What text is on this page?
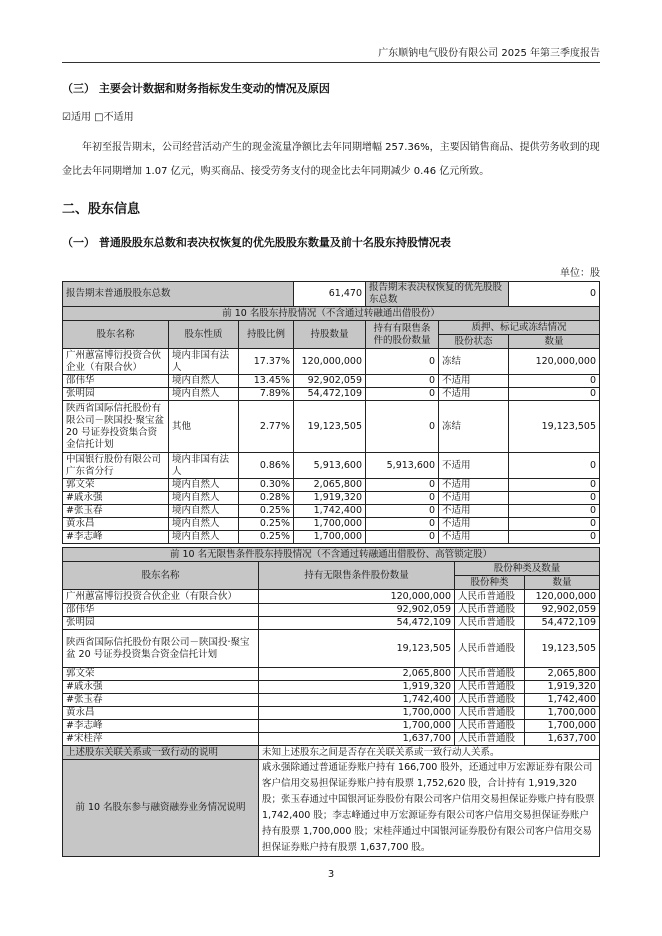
广东顺钠电气股份有限公司 2025 年第三季度报告
（三） 主要会计数据和财务指标发生变动的情况及原因
☑适用 □不适用
年初至报告期末，公司经营活动产生的现金流量净额比去年同期增幅 257.36%，主要因销售商品、提供劳务收到的现金比去年同期增加 1.07 亿元，购买商品、接受劳务支付的现金比去年同期减少 0.46 亿元所致。
二、股东信息
（一） 普通股股东总数和表决权恢复的优先股股东数量及前十名股东持股情况表
单位：股
报告期末普通股股东总数			61,470	报告期末表决权恢复的优先股股东总数		0
前 10 名股东持股情况（不含通过转融通出借股份）						
股东名称	股东性质	持股比例	持股数量	持有有限售条件的股份数量	质押、标记或冻结情况	
					股份状态	数量
广州蕙富博衍投资合伙企业（有限合伙）	境内非国有法人	17.37%	120,000,000	0	冻结	120,000,000
邵伟华	境内自然人	13.45%	92,902,059	0	不适用	0
张明园	境内自然人	7.89%	54,472,109	0	不适用	0
陕西省国际信托股份有限公司－陕国投·聚宝盆 20 号证券投资集合资金信托计划	其他	2.77%	19,123,505	0	冻结	19,123,505
中国银行股份有限公司广东省分行	境内非国有法人	0.86%	5,913,600	5,913,600	不适用	0
郭文荣	境内自然人	0.30%	2,065,800	0	不适用	0
#戚永强	境内自然人	0.28%	1,919,320	0	不适用	0
#张玉春	境内自然人	0.25%	1,742,400	0	不适用	0
黄永昌	境内自然人	0.25%	1,700,000	0	不适用	0
#李志峰	境内自然人	0.25%	1,700,000	0	不适用	0
前 10 名无限售条件股东持股情况（不含通过转融通出借股份、高管锁定股）			
股东名称	持有无限售条件股份数量	股份种类及数量	
		股份种类	数量
广州蕙富博衍投资合伙企业（有限合伙）	120,000,000	人民币普通股	120,000,000
邵伟华	92,902,059	人民币普通股	92,902,059
张明园	54,472,109	人民币普通股	54,472,109
陕西省国际信托股份有限公司－陕国投·聚宝盆 20 号证券投资集合资金信托计划	19,123,505	人民币普通股	19,123,505
郭文荣	2,065,800	人民币普通股	2,065,800
#戚永强	1,919,320	人民币普通股	1,919,320
#张玉春	1,742,400	人民币普通股	1,742,400
黄永昌	1,700,000	人民币普通股	1,700,000
#李志峰	1,700,000	人民币普通股	1,700,000
#宋桂萍	1,637,700	人民币普通股	1,637,700
上述股东关联关系或一致行动的说明	未知上述股东之间是否存在关联关系或一致行动人关系。		
前 10 名股东参与融资融券业务情况说明	戚永强除通过普通证券账户持有 166,700 股外，还通过申万宏源证券有限公司客户信用交易担保证券账户持有股票 1,752,620 股，合计持有 1,919,320 股；张玉春通过中国银河证券股份有限公司客户信用交易担保证券账户持有股票 1,742,400 股；李志峰通过申万宏源证券有限公司客户信用交易担保证券账户持有股票 1,700,000 股；宋桂萍通过中国银河证券股份有限公司客户信用交易担保证券账户持有股票 1,637,700 股。		
3
